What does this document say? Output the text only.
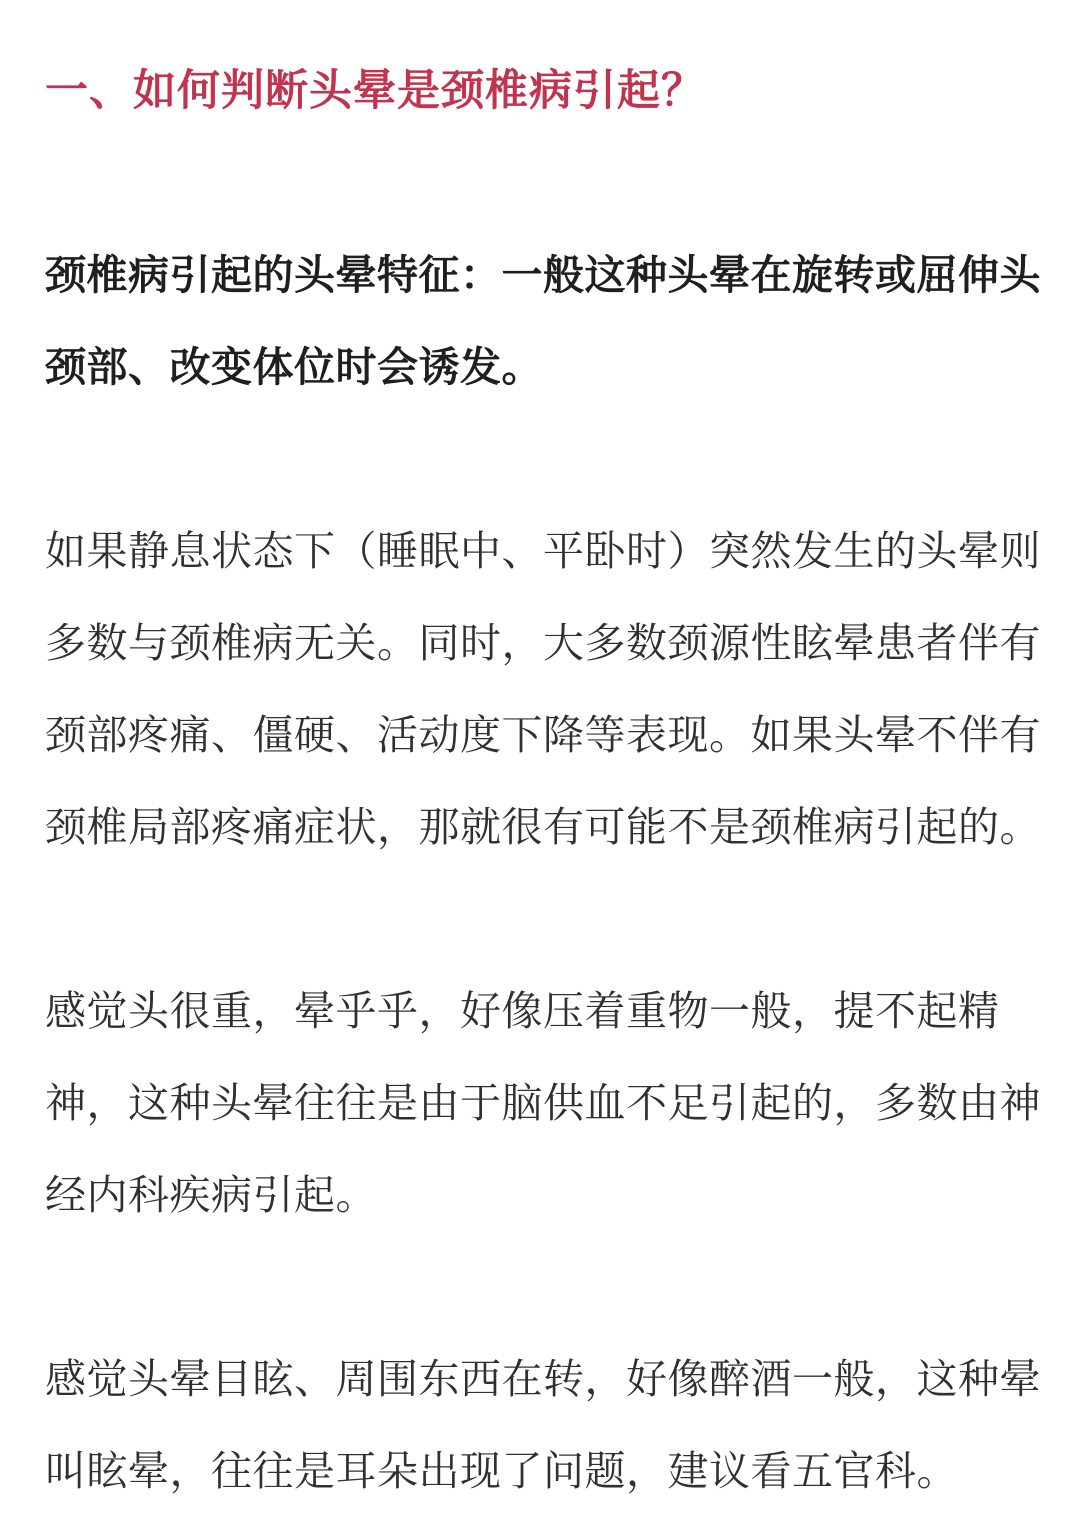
一、如何判断头晕是颈椎病引起？
颈椎病引起的头晕特征：一般这种头晕在旋转或屈伸头
颈部、改变体位时会诱发。
如果静息状态下（睡眠中、平卧时）突然发生的头晕则
多数与颈椎病无关。同时，大多数颈源性眩晕患者伴有
颈部疼痛、僵硬、活动度下降等表现。如果头晕不伴有
颈椎局部疼痛症状，那就很有可能不是颈椎病引起的。
感觉头很重，晕乎乎，好像压着重物一般，提不起精
神，这种头晕往往是由于脑供血不足引起的，多数由神
经内科疾病引起。
感觉头晕目眩、周围东西在转，好像醉酒一般，这种晕
叫眩晕，往往是耳朵出现了问题，建议看五官科。
